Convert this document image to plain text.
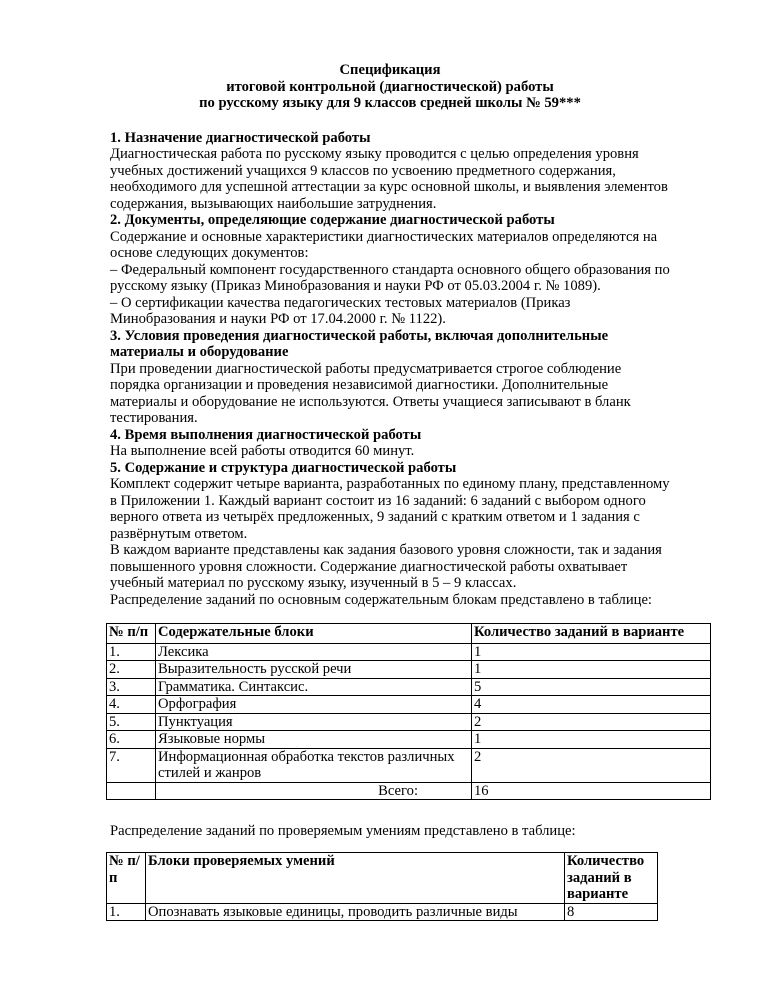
Спецификация
итоговой контрольной (диагностической) работы
по русскому языку для 9 классов средней школы № 59***

1. Назначение диагностической работы

Диагностическая работа по русскому языку проводится с целью определения уровня учебных достижений учащихся 9 классов по усвоению предметного содержания, необходимого для успешной аттестации за курс основной школы, и выявления элементов содержания, вызывающих наибольшие затруднения.

2. Документы, определяющие содержание диагностической работы

Содержание и основные характеристики диагностических материалов определяются на основе следующих документов:

– Федеральный компонент государственного стандарта основного общего образования по русскому языку (Приказ Минобразования и науки РФ от 05.03.2004 г. № 1089).

– О сертификации качества педагогических тестовых материалов (Приказ Минобразования и науки РФ от 17.04.2000 г. № 1122).

3. Условия проведения диагностической работы, включая дополнительные материалы и оборудование

При проведении диагностической работы предусматривается строгое соблюдение порядка организации и проведения независимой диагностики. Дополнительные материалы и оборудование не используются. Ответы учащиеся записывают в бланк тестирования.

4. Время выполнения диагностической работы

На выполнение всей работы отводится 60 минут.

5. Содержание и структура диагностической работы

Комплект содержит четыре варианта, разработанных по единому плану, представленному в Приложении 1. Каждый вариант состоит из 16 заданий: 6 заданий с выбором одного верного ответа из четырёх предложенных, 9 заданий с кратким ответом и 1 задания с развёрнутым ответом.

В каждом варианте представлены как задания базового уровня сложности, так и задания повышенного уровня сложности. Содержание диагностической работы охватывает учебный материал по русскому языку, изученный в 5 – 9 классах.

Распределение заданий по основным содержательным блокам представлено в таблице:

№ п/п	Содержательные блоки	Количество заданий в варианте
1.	Лексика	1
2.	Выразительность русской речи	1
3.	Грамматика. Синтаксис.	5
4.	Орфография	4
5.	Пунктуация	2
6.	Языковые нормы	1
7.	Информационная обработка текстов различных стилей и жанров	2
	Всего:	16

Распределение заданий по проверяемым умениям представлено в таблице:

№ п/п	Блоки проверяемых умений	Количество заданий в варианте
1.	Опознавать языковые единицы, проводить различные виды	8
